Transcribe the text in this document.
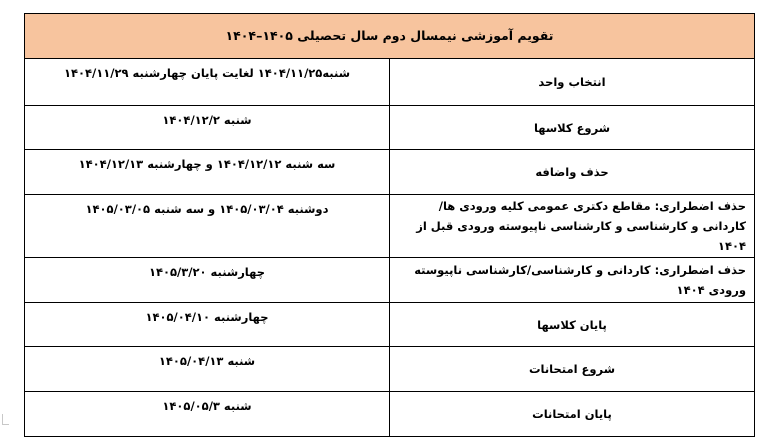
تقویم آموزشی نیمسال دوم سال تحصیلی ۱۴۰۵–۱۴۰۴	
انتخاب واحد	شنبه۱۴۰۴/۱۱/۲۵ لغایت پایان چهارشنبه ۱۴۰۴/۱۱/۲۹
شروع کلاسها	شنبه ۱۴۰۴/۱۲/۲
حذف واضافه	سه شنبه ۱۴۰۴/۱۲/۱۲ و چهارشنبه ۱۴۰۴/۱۲/۱۳
حذف اضطراری: مقاطع دکتری عمومی کلیه ورودی ها/ کاردانی و کارشناسی و کارشناسی ناپیوسته ورودی قبل از ۱۴۰۴	دوشنبه ۱۴۰۵/۰۳/۰۴ و سه شنبه ۱۴۰۵/۰۳/۰۵
حذف اضطراری: کاردانی و کارشناسی/کارشناسی ناپیوسته ورودی ۱۴۰۴	چهارشنبه ۱۴۰۵/۳/۲۰
پایان کلاسها	چهارشنبه ۱۴۰۵/۰۴/۱۰
شروع امتحانات	شنبه ۱۴۰۵/۰۴/۱۳
پایان امتحانات	شنبه ۱۴۰۵/۰۵/۳
